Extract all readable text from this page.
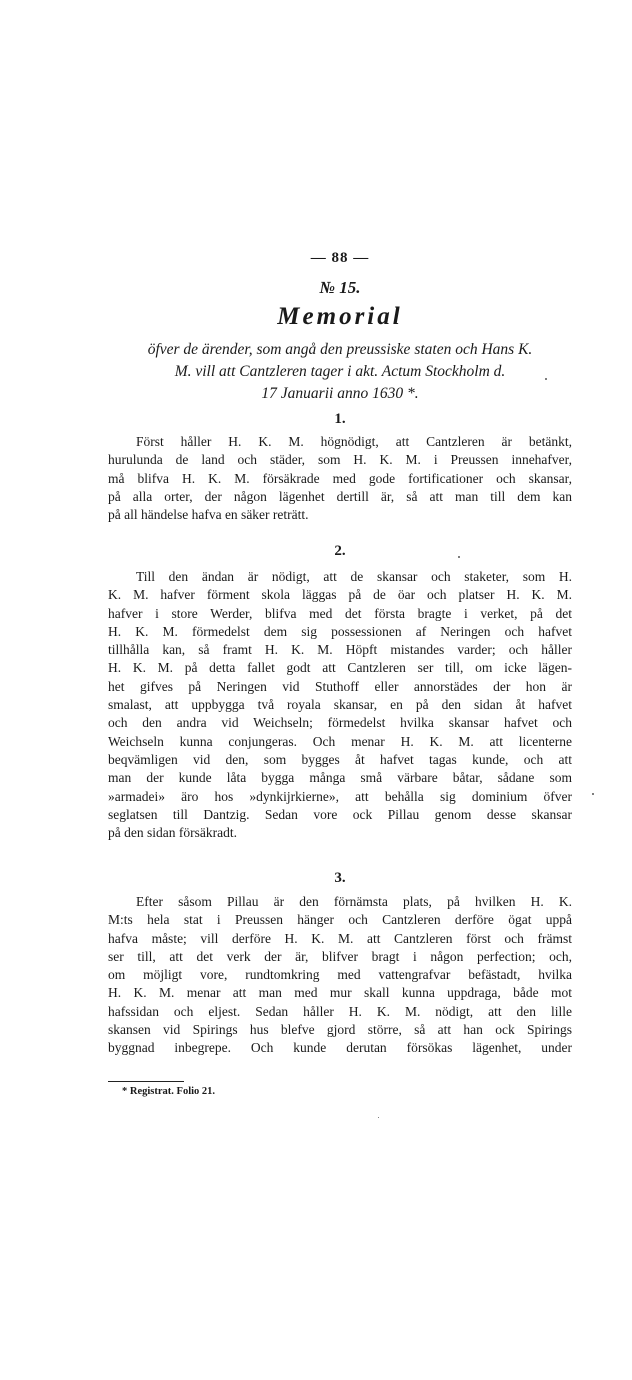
— 88 —
№ 15.
Memorial
öfver de ärender, som angå den preussiske staten och Hans K.
M. vill att Cantzleren tager i akt. Actum Stockholm d.
17 Januarii anno 1630 *.
1.
Först håller H. K. M. högnödigt, att Cantzleren är betänkt,
hurulunda de land och städer, som H. K. M. i Preussen innehafver,
må blifva H. K. M. försäkrade med gode fortificationer och skansar,
på alla orter, der någon lägenhet dertill är, så att man till dem kan
på all händelse hafva en säker reträtt.
2.
Till den ändan är nödigt, att de skansar och staketer, som H.
K. M. hafver förment skola läggas på de öar och platser H. K. M.
hafver i store Werder, blifva med det första bragte i verket, på det
H. K. M. förmedelst dem sig possessionen af Neringen och hafvet
tillhålla kan, så framt H. K. M. Höpft mistandes varder; och håller
H. K. M. på detta fallet godt att Cantzleren ser till, om icke lägen-
het gifves på Neringen vid Stuthoff eller annorstädes der hon är
smalast, att uppbygga två royala skansar, en på den sidan åt hafvet
och den andra vid Weichseln; förmedelst hvilka skansar hafvet och
Weichseln kunna conjungeras. Och menar H. K. M. att licenterne
beqvämligen vid den, som bygges åt hafvet tagas kunde, och att
man der kunde låta bygga många små värbare båtar, sådane som
»armadei» äro hos »dynkijrkierne», att behålla sig dominium öfver
seglatsen till Dantzig. Sedan vore ock Pillau genom desse skansar
på den sidan försäkradt.
3.
Efter såsom Pillau är den förnämsta plats, på hvilken H. K.
M:ts hela stat i Preussen hänger och Cantzleren derföre ögat uppå
hafva måste; vill derföre H. K. M. att Cantzleren först och främst
ser till, att det verk der är, blifver bragt i någon perfection; och,
om möjligt vore, rundtomkring med vattengrafvar befästadt, hvilka
H. K. M. menar att man med mur skall kunna uppdraga, både mot
hafssidan och eljest. Sedan håller H. K. M. nödigt, att den lille
skansen vid Spirings hus blefve gjord större, så att han ock Spirings
byggnad inbegrepe. Och kunde derutan försökas lägenhet, under
* Registrat. Folio 21.
